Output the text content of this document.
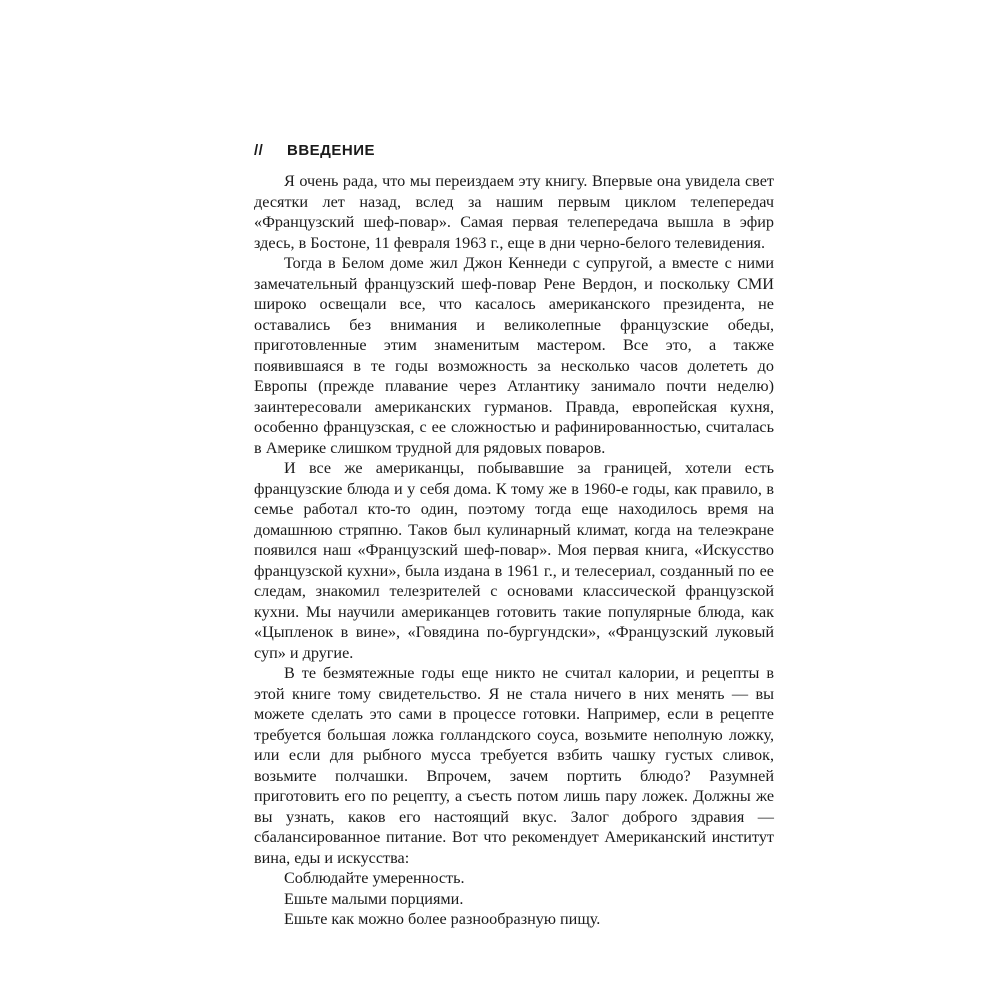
//	ВВЕДЕНИЕ

Я очень рада, что мы переиздаем эту книгу. Впервые она увидела свет десятки лет назад, вслед за нашим первым циклом телепередач «Французский шеф-повар». Самая первая телепередача вышла в эфир здесь, в Бостоне, 11 февраля 1963 г., еще в дни черно-белого телевидения.

Тогда в Белом доме жил Джон Кеннеди с супругой, а вместе с ними замечательный французский шеф-повар Рене Вердон, и поскольку СМИ широко освещали все, что касалось американского президента, не оставались без внимания и великолепные французские обеды, приготовленные этим знаменитым мастером. Все это, а также появившаяся в те годы возможность за несколько часов долететь до Европы (прежде плавание через Атлантику занимало почти неделю) заинтересовали американских гурманов. Правда, европейская кухня, особенно французская, с ее сложностью и рафинированностью, считалась в Америке слишком трудной для рядовых поваров.

И все же американцы, побывавшие за границей, хотели есть французские блюда и у себя дома. К тому же в 1960-е годы, как правило, в семье работал кто-то один, поэтому тогда еще находилось время на домашнюю стряпню. Таков был кулинарный климат, когда на телеэкране появился наш «Французский шеф-повар». Моя первая книга, «Искусство французской кухни», была издана в 1961 г., и телесериал, созданный по ее следам, знакомил телезрителей с основами классической французской кухни. Мы научили американцев готовить такие популярные блюда, как «Цыпленок в вине», «Говядина по-бургундски», «Французский луковый суп» и другие.

В те безмятежные годы еще никто не считал калории, и рецепты в этой книге тому свидетельство. Я не стала ничего в них менять — вы можете сделать это сами в процессе готовки. Например, если в рецепте требуется большая ложка голландского соуса, возьмите неполную ложку, или если для рыбного мусса требуется взбить чашку густых сливок, возьмите полчашки. Впрочем, зачем портить блюдо? Разумней приготовить его по рецепту, а съесть потом лишь пару ложек. Должны же вы узнать, каков его настоящий вкус. Залог доброго здравия — сбалансированное питание. Вот что рекомендует Американский институт вина, еды и искусства:

Соблюдайте умеренность.
Ешьте малыми порциями.
Ешьте как можно более разнообразную пищу.
